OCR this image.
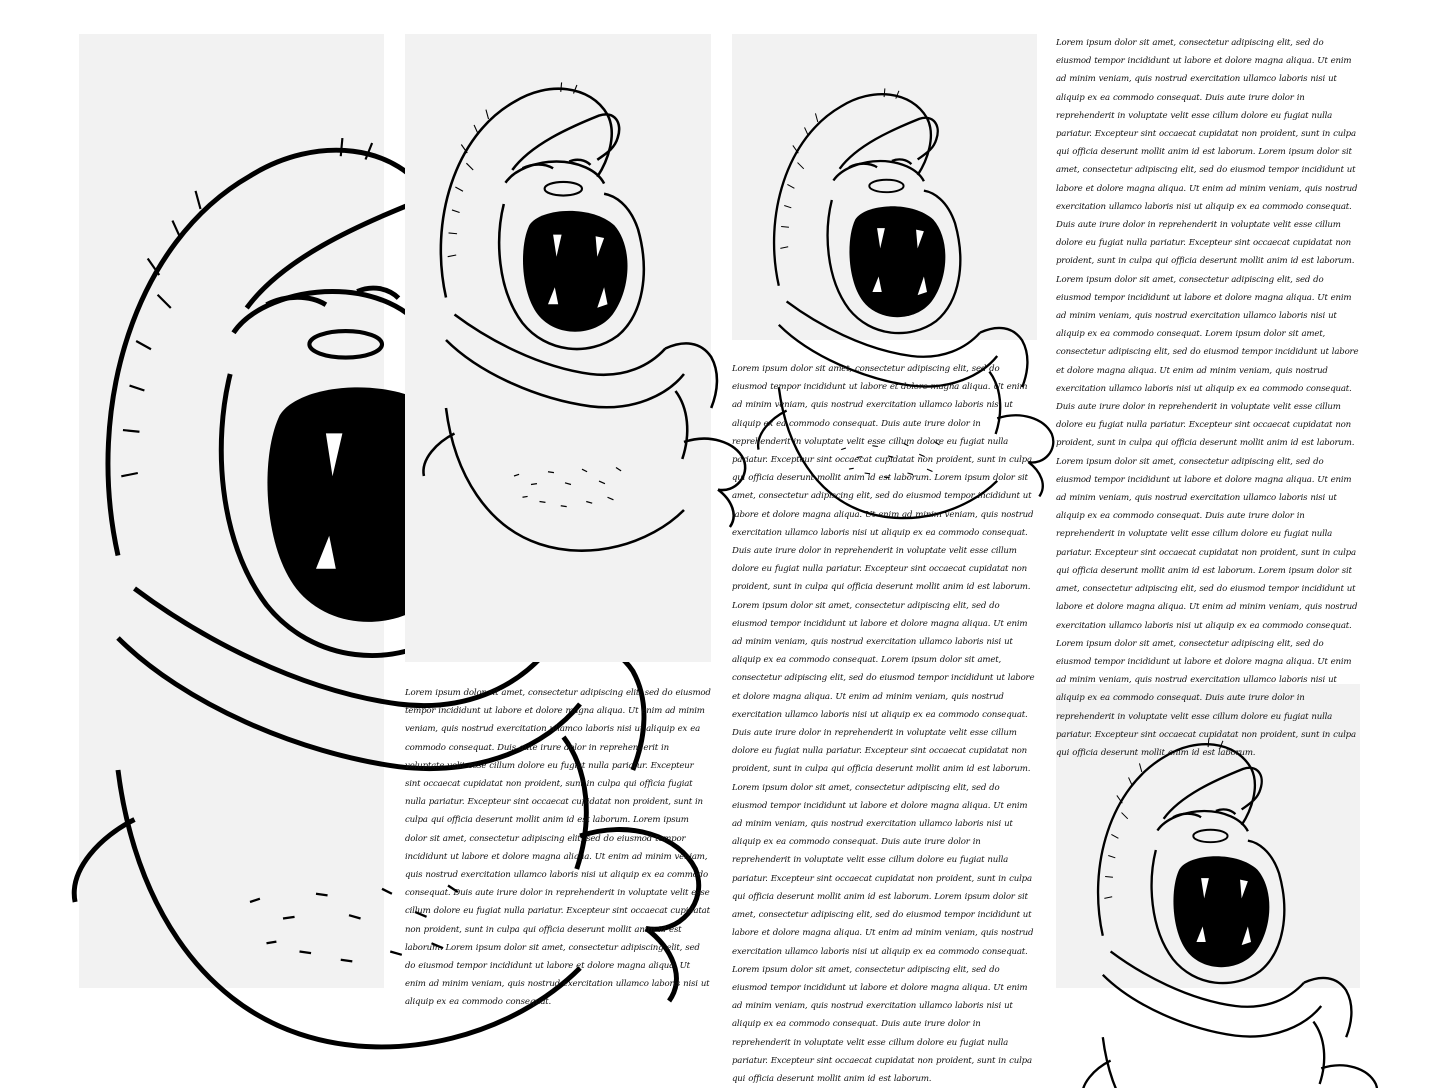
Lorem ipsum dolor sit amet, consectetur adipiscing elit, sed do eiusmod tempor incididunt ut labore et dolore magna aliqua. Ut enim ad minim veniam, quis nostrud exercitation ullamco laboris nisi ut aliquip ex ea commodo consequat. Duis aute irure dolor in reprehenderit in voluptate velit esse cillum dolore eu fugiat nulla pariatur. Excepteur sint occaecat cupidatat non proident, sunt in culpa qui officia fugiat nulla pariatur. Excepteur sint occaecat cupidatat non proident, sunt in culpa qui officia deserunt mollit anim id est laborum. Lorem ipsum dolor sit amet, consectetur adipiscing elit, sed do eiusmod tempor incididunt ut labore et dolore magna aliqua. Ut enim ad minim veniam, quis nostrud exercitation ullamco laboris nisi ut aliquip ex ea commodo consequat. Duis aute irure dolor in reprehenderit in voluptate velit esse cillum dolore eu fugiat nulla pariatur. Excepteur sint occaecat cupidatat non proident, sunt in culpa qui officia deserunt mollit anim id est laborum. Lorem ipsum dolor sit amet, consectetur adipiscing elit, sed do eiusmod tempor incididunt ut labore et dolore magna aliqua. Ut enim ad minim veniam, quis nostrud exercitation ullamco laboris nisi ut aliquip ex ea commodo consequat.
Lorem ipsum dolor sit amet, consectetur adipiscing elit, sed do eiusmod tempor incididunt ut labore et dolore magna aliqua. Ut enim ad minim veniam, quis nostrud exercitation ullamco laboris nisi ut aliquip ex ea commodo consequat. Duis aute irure dolor in reprehenderit in voluptate velit esse cillum dolore eu fugiat nulla pariatur. Excepteur sint occaecat cupidatat non proident, sunt in culpa qui officia deserunt mollit anim id est laborum. Lorem ipsum dolor sit amet, consectetur adipiscing elit, sed do eiusmod tempor incididunt ut labore et dolore magna aliqua. Ut enim ad minim veniam, quis nostrud exercitation ullamco laboris nisi ut aliquip ex ea commodo consequat. Duis aute irure dolor in reprehenderit in voluptate velit esse cillum dolore eu fugiat nulla pariatur. Excepteur sint occaecat cupidatat non proident, sunt in culpa qui officia deserunt mollit anim id est laborum. Lorem ipsum dolor sit amet, consectetur adipiscing elit, sed do eiusmod tempor incididunt ut labore et dolore magna aliqua. Ut enim ad minim veniam, quis nostrud exercitation ullamco laboris nisi ut aliquip ex ea commodo consequat. Lorem ipsum dolor sit amet, consectetur adipiscing elit, sed do eiusmod tempor incididunt ut labore et dolore magna aliqua. Ut enim ad minim veniam, quis nostrud exercitation ullamco laboris nisi ut aliquip ex ea commodo consequat. Duis aute irure dolor in reprehenderit in voluptate velit esse cillum dolore eu fugiat nulla pariatur. Excepteur sint occaecat cupidatat non proident, sunt in culpa qui officia deserunt mollit anim id est laborum. Lorem ipsum dolor sit amet, consectetur adipiscing elit, sed do eiusmod tempor incididunt ut labore et dolore magna aliqua. Ut enim ad minim veniam, quis nostrud exercitation ullamco laboris nisi ut aliquip ex ea commodo consequat. Duis aute irure dolor in reprehenderit in voluptate velit esse cillum dolore eu fugiat nulla pariatur. Excepteur sint occaecat cupidatat non proident, sunt in culpa qui officia deserunt mollit anim id est laborum. Lorem ipsum dolor sit amet, consectetur adipiscing elit, sed do eiusmod tempor incididunt ut labore et dolore magna aliqua. Ut enim ad minim veniam, quis nostrud exercitation ullamco laboris nisi ut aliquip ex ea commodo consequat. Lorem ipsum dolor sit amet, consectetur adipiscing elit, sed do eiusmod tempor incididunt ut labore et dolore magna aliqua. Ut enim ad minim veniam, quis nostrud exercitation ullamco laboris nisi ut aliquip ex ea commodo consequat. Duis aute irure dolor in reprehenderit in voluptate velit esse cillum dolore eu fugiat nulla pariatur. Excepteur sint occaecat cupidatat non proident, sunt in culpa qui officia deserunt mollit anim id est laborum.
Lorem ipsum dolor sit amet, consectetur adipiscing elit, sed do eiusmod tempor incididunt ut labore et dolore magna aliqua. Ut enim ad minim veniam, quis nostrud exercitation ullamco laboris nisi ut aliquip ex ea commodo consequat. Duis aute irure dolor in reprehenderit in voluptate velit esse cillum dolore eu fugiat nulla pariatur. Excepteur sint occaecat cupidatat non proident, sunt in culpa qui officia deserunt mollit anim id est laborum. Lorem ipsum dolor sit amet, consectetur adipiscing elit, sed do eiusmod tempor incididunt ut labore et dolore magna aliqua. Ut enim ad minim veniam, quis nostrud exercitation ullamco laboris nisi ut aliquip ex ea commodo consequat. Duis aute irure dolor in reprehenderit in voluptate velit esse cillum dolore eu fugiat nulla pariatur. Excepteur sint occaecat cupidatat non proident, sunt in culpa qui officia deserunt mollit anim id est laborum. Lorem ipsum dolor sit amet, consectetur adipiscing elit, sed do eiusmod tempor incididunt ut labore et dolore magna aliqua. Ut enim ad minim veniam, quis nostrud exercitation ullamco laboris nisi ut aliquip ex ea commodo consequat. Lorem ipsum dolor sit amet, consectetur adipiscing elit, sed do eiusmod tempor incididunt ut labore et dolore magna aliqua. Ut enim ad minim veniam, quis nostrud exercitation ullamco laboris nisi ut aliquip ex ea commodo consequat. Duis aute irure dolor in reprehenderit in voluptate velit esse cillum dolore eu fugiat nulla pariatur. Excepteur sint occaecat cupidatat non proident, sunt in culpa qui officia deserunt mollit anim id est laborum. Lorem ipsum dolor sit amet, consectetur adipiscing elit, sed do eiusmod tempor incididunt ut labore et dolore magna aliqua. Ut enim ad minim veniam, quis nostrud exercitation ullamco laboris nisi ut aliquip ex ea commodo consequat. Duis aute irure dolor in reprehenderit in voluptate velit esse cillum dolore eu fugiat nulla pariatur. Excepteur sint occaecat cupidatat non proident, sunt in culpa qui officia deserunt mollit anim id est laborum. Lorem ipsum dolor sit amet, consectetur adipiscing elit, sed do eiusmod tempor incididunt ut labore et dolore magna aliqua. Ut enim ad minim veniam, quis nostrud exercitation ullamco laboris nisi ut aliquip ex ea commodo consequat. Lorem ipsum dolor sit amet, consectetur adipiscing elit, sed do eiusmod tempor incididunt ut labore et dolore magna aliqua. Ut enim ad minim veniam, quis nostrud exercitation ullamco laboris nisi ut aliquip ex ea commodo consequat. Duis aute irure dolor in reprehenderit in voluptate velit esse cillum dolore eu fugiat nulla pariatur. Excepteur sint occaecat cupidatat non proident, sunt in culpa qui officia deserunt mollit anim id est laborum.
